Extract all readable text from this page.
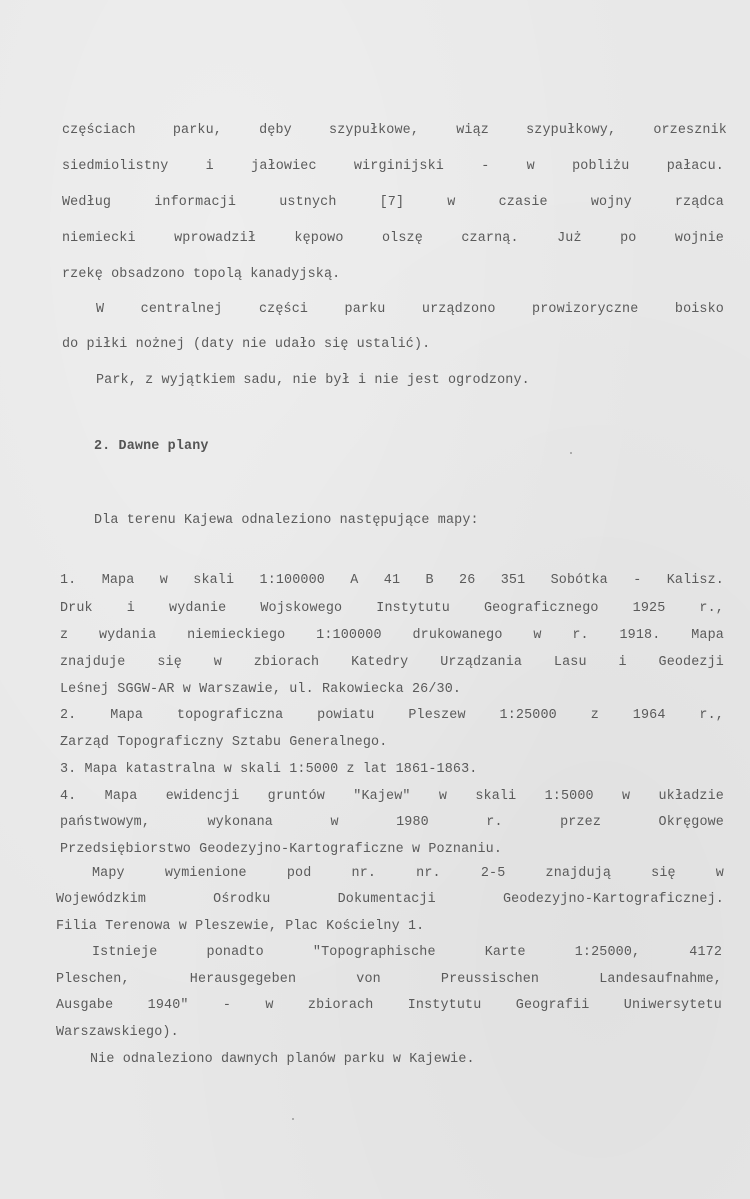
częściach parku, dęby szypułkowe, wiąz szypułkowy, orzesznik
siedmiolistny i jałowiec wirginijski - w pobliżu pałacu.
Według informacji ustnych [7] w czasie wojny rządca
niemiecki wprowadził kępowo olszę czarną. Już po wojnie
rzekę obsadzono topolą kanadyjską.
W centralnej części parku urządzono prowizoryczne boisko
do piłki nożnej (daty nie udało się ustalić).
Park, z wyjątkiem sadu, nie był i nie jest ogrodzony.
2. Dawne plany
Dla terenu Kajewa odnaleziono następujące mapy:
1. Mapa w skali 1:100000 A 41 B 26 351 Sobótka - Kalisz.
Druk i wydanie Wojskowego Instytutu Geograficznego 1925 r.,
z wydania niemieckiego 1:100000 drukowanego w r. 1918. Mapa
znajduje się w zbiorach Katedry Urządzania Lasu i Geodezji
Leśnej SGGW-AR w Warszawie, ul. Rakowiecka 26/30.
2. Mapa topograficzna powiatu Pleszew 1:25000 z 1964 r.,
Zarząd Topograficzny Sztabu Generalnego.
3. Mapa katastralna w skali 1:5000 z lat 1861-1863.
4. Mapa ewidencji gruntów "Kajew" w skali 1:5000 w układzie
państwowym, wykonana w 1980 r. przez Okręgowe
Przedsiębiorstwo Geodezyjno-Kartograficzne w Poznaniu.
Mapy wymienione pod nr. nr. 2-5 znajdują się w
Wojewódzkim Ośrodku Dokumentacji Geodezyjno-Kartograficznej.
Filia Terenowa w Pleszewie, Plac Kościelny 1.
Istnieje ponadto "Topographische Karte 1:25000, 4172
Pleschen, Herausgegeben von Preussischen Landesaufnahme,
Ausgabe 1940" - w zbiorach Instytutu Geografii Uniwersytetu
Warszawskiego).
Nie odnaleziono dawnych planów parku w Kajewie.
